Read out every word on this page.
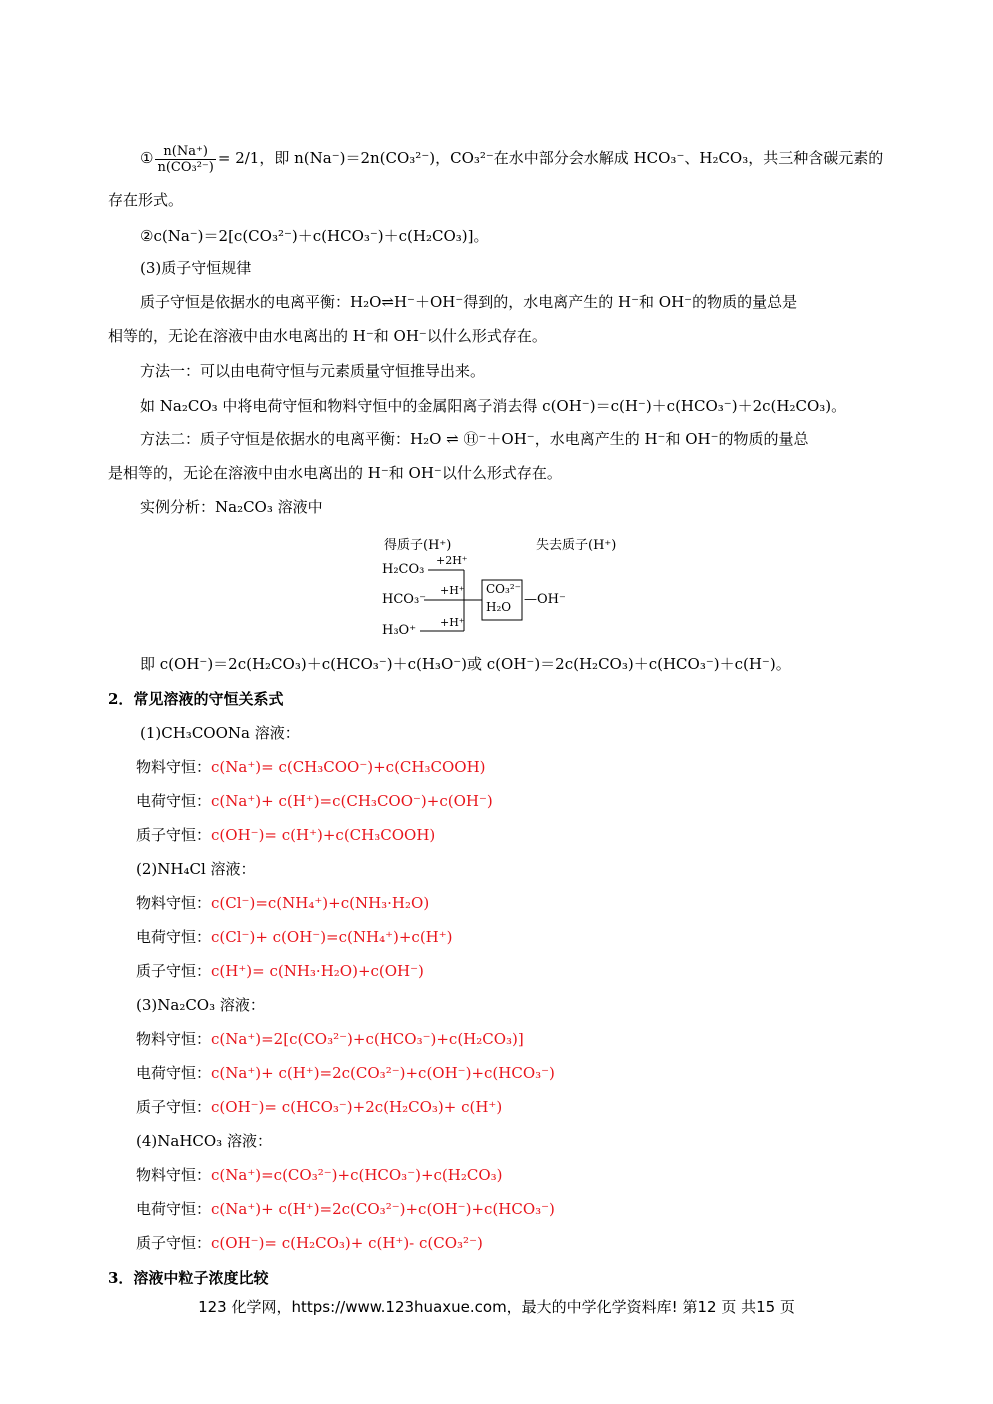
① $\frac{n(Na^+)}{\text{n(CO₃²⁻)}} = 2/1$，即 n(Na⁻)＝2n(CO₃²⁻)，CO₃²⁻在水中部分会水解成 HCO₃⁻、H₂CO₃，共三种含碳元素的
存在形式。
②c(Na⁻)＝2[c(CO₃²⁻)＋c(HCO₃⁻)＋c(H₂CO₃)]。
(3)质子守恒规律
质子守恒是依据水的电离平衡：H₂O⇌H⁻＋OH⁻得到的，水电离产生的 H⁻和 OH⁻的物质的量总是
相等的，无论在溶液中由水电离出的 H⁻和 OH⁻以什么形式存在。
方法一：可以由电荷守恒与元素质量守恒推导出来。
如 Na₂CO₃ 中将电荷守恒和物料守恒中的金属阳离子消去得 c(OH⁻)＝c(H⁻)＋c(HCO₃⁻)＋2c(H₂CO₃)。
方法二：质子守恒是依据水的电离平衡：H₂O ⇌ Ⓗ⁻＋OH⁻，水电离产生的 H⁻和 OH⁻的物质的量总
是相等的，无论在溶液中由水电离出的 H⁻和 OH⁻以什么形式存在。
实例分析：Na₂CO₃ 溶液中
得质子(H⁺)	失去质子(H⁺)
H₂CO₃
HCO₃⁻
H₃O⁺
+2H⁺
+H⁺
+H⁺
CO₃²⁻
H₂O —OH⁻
即 c(OH⁻)＝2c(H₂CO₃)＋c(HCO₃⁻)＋c(H₃O⁻)或 c(OH⁻)＝2c(H₂CO₃)＋c(HCO₃⁻)＋c(H⁻)。
2．常见溶液的守恒关系式
(1)CH₃COONa 溶液：
物料守恒：c(Na⁺)= c(CH₃COO⁻)+c(CH₃COOH)
电荷守恒：c(Na⁺)+ c(H⁺)=c(CH₃COO⁻)+c(OH⁻)
质子守恒：c(OH⁻)= c(H⁺)+c(CH₃COOH)
(2)NH₄Cl 溶液：
物料守恒：c(Cl⁻)=c(NH₄⁺)+c(NH₃·H₂O)
电荷守恒：c(Cl⁻)+ c(OH⁻)=c(NH₄⁺)+c(H⁺)
质子守恒：c(H⁺)= c(NH₃·H₂O)+c(OH⁻)
(3)Na₂CO₃ 溶液：
物料守恒：c(Na⁺)=2[c(CO₃²⁻)+c(HCO₃⁻)+c(H₂CO₃)]
电荷守恒：c(Na⁺)+ c(H⁺)=2c(CO₃²⁻)+c(OH⁻)+c(HCO₃⁻)
质子守恒：c(OH⁻)= c(HCO₃⁻)+2c(H₂CO₃)+ c(H⁺)
(4)NaHCO₃ 溶液：
物料守恒：c(Na⁺)=c(CO₃²⁻)+c(HCO₃⁻)+c(H₂CO₃)
电荷守恒：c(Na⁺)+ c(H⁺)=2c(CO₃²⁻)+c(OH⁻)+c(HCO₃⁻)
质子守恒：c(OH⁻)= c(H₂CO₃)+ c(H⁺)- c(CO₃²⁻)
3．溶液中粒子浓度比较
123 化学网，https://www.123huaxue.com，最大的中学化学资料库! 第12 页 共15 页
